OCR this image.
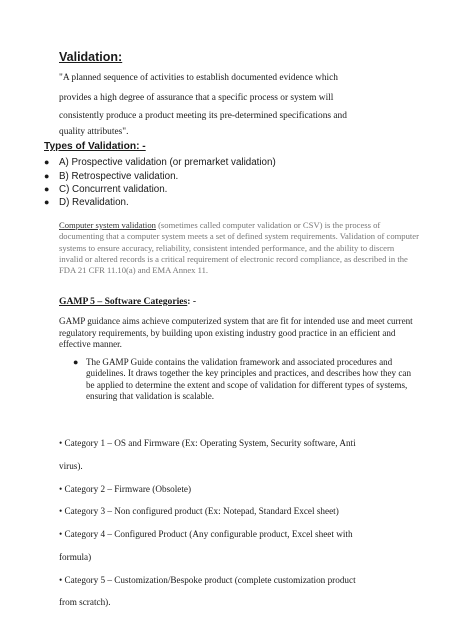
Validation:
"A planned sequence of activities to establish documented evidence which
provides a high degree of assurance that a specific process or system will
consistently produce a product meeting its pre-determined specifications and
quality attributes".
Types of Validation: -
● A) Prospective validation (or premarket validation)
● B) Retrospective validation.
● C) Concurrent validation.
● D) Revalidation.
Computer system validation (sometimes called computer validation or CSV) is the process of documenting that a computer system meets a set of defined system requirements. Validation of computer systems to ensure accuracy, reliability, consistent intended performance, and the ability to discern invalid or altered records is a critical requirement of electronic record compliance, as described in the FDA 21 CFR 11.10(a) and EMA Annex 11.
GAMP 5 – Software Categories: -
GAMP guidance aims achieve computerized system that are fit for intended use and meet current regulatory requirements, by building upon existing industry good practice in an efficient and effective manner.
● The GAMP Guide contains the validation framework and associated procedures and guidelines. It draws together the key principles and practices, and describes how they can be applied to determine the extent and scope of validation for different types of systems, ensuring that validation is scalable.
• Category 1 – OS and Firmware (Ex: Operating System, Security software, Anti
virus).
• Category 2 – Firmware (Obsolete)
• Category 3 – Non configured product (Ex: Notepad, Standard Excel sheet)
• Category 4 – Configured Product (Any configurable product, Excel sheet with
formula)
• Category 5 – Customization/Bespoke product (complete customization product
from scratch).
